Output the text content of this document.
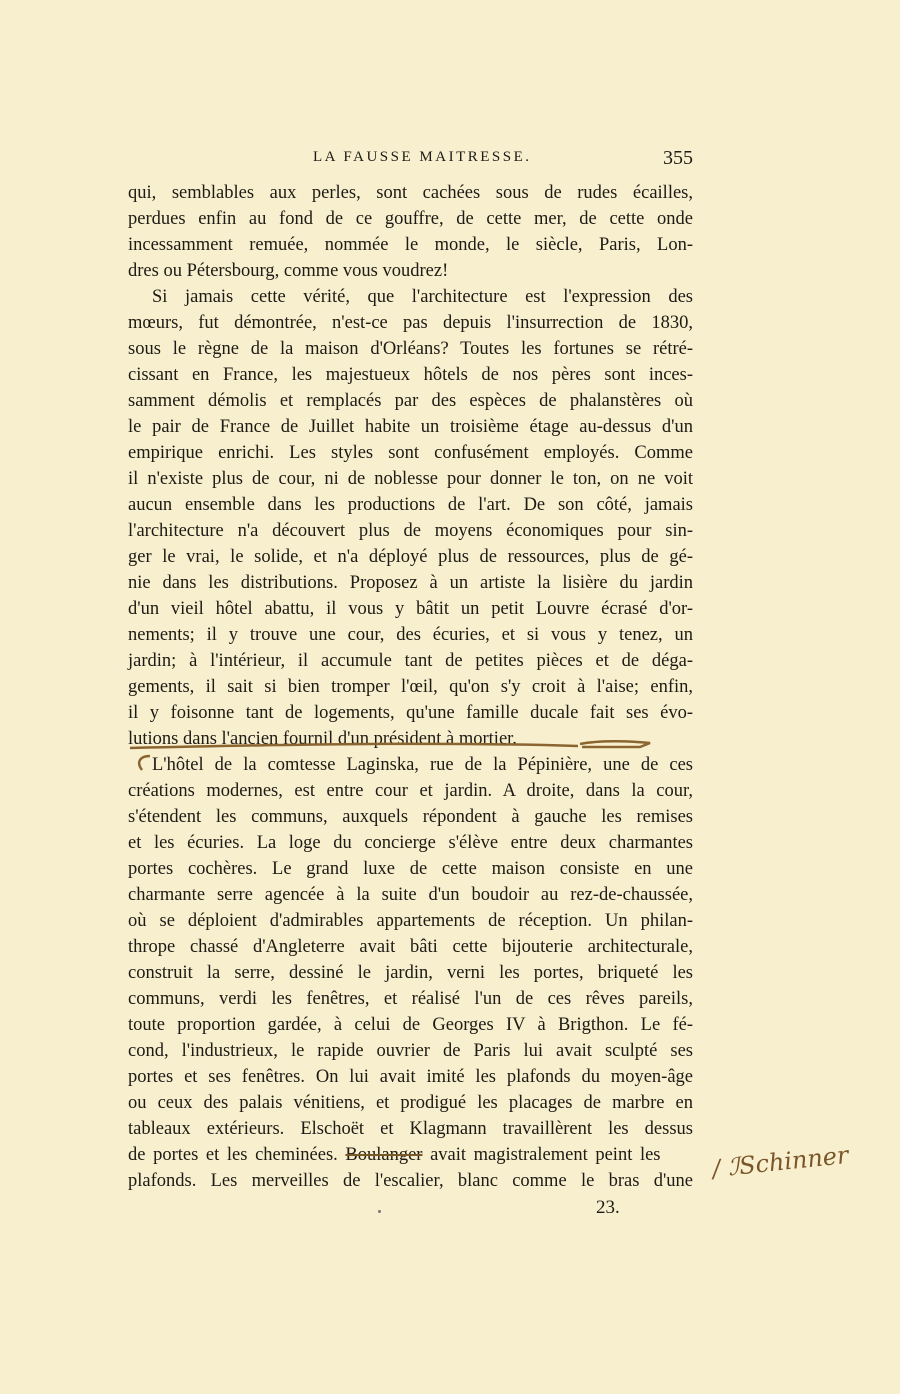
LA FAUSSE MAITRESSE.	355
qui, semblables aux perles, sont cachées sous de rudes écailles,
perdues enfin au fond de ce gouffre, de cette mer, de cette onde
incessamment remuée, nommée le monde, le siècle, Paris, Lon-
dres ou Pétersbourg, comme vous voudrez!
Si jamais cette vérité, que l'architecture est l'expression des
mœurs, fut démontrée, n'est-ce pas depuis l'insurrection de 1830,
sous le règne de la maison d'Orléans? Toutes les fortunes se rétré-
cissant en France, les majestueux hôtels de nos pères sont inces-
samment démolis et remplacés par des espèces de phalanstères où
le pair de France de Juillet habite un troisième étage au-dessus d'un
empirique enrichi. Les styles sont confusément employés. Comme
il n'existe plus de cour, ni de noblesse pour donner le ton, on ne voit
aucun ensemble dans les productions de l'art. De son côté, jamais
l'architecture n'a découvert plus de moyens économiques pour sin-
ger le vrai, le solide, et n'a déployé plus de ressources, plus de gé-
nie dans les distributions. Proposez à un artiste la lisière du jardin
d'un vieil hôtel abattu, il vous y bâtit un petit Louvre écrasé d'or-
nements; il y trouve une cour, des écuries, et si vous y tenez, un
jardin; à l'intérieur, il accumule tant de petites pièces et de déga-
gements, il sait si bien tromper l'œil, qu'on s'y croit à l'aise; enfin,
il y foisonne tant de logements, qu'une famille ducale fait ses évo-
lutions dans l'ancien fournil d'un président à mortier.
L'hôtel de la comtesse Laginska, rue de la Pépinière, une de ces
créations modernes, est entre cour et jardin. A droite, dans la cour,
s'étendent les communs, auxquels répondent à gauche les remises
et les écuries. La loge du concierge s'élève entre deux charmantes
portes cochères. Le grand luxe de cette maison consiste en une
charmante serre agencée à la suite d'un boudoir au rez-de-chaussée,
où se déploient d'admirables appartements de réception. Un philan-
thrope chassé d'Angleterre avait bâti cette bijouterie architecturale,
construit la serre, dessiné le jardin, verni les portes, briqueté les
communs, verdi les fenêtres, et réalisé l'un de ces rêves pareils,
toute proportion gardée, à celui de Georges IV à Brigthon. Le fé-
cond, l'industrieux, le rapide ouvrier de Paris lui avait sculpté ses
portes et ses fenêtres. On lui avait imité les plafonds du moyen-âge
ou ceux des palais vénitiens, et prodigué les placages de marbre en
tableaux extérieurs. Elschoët et Klagmann travaillèrent les dessus
de portes et les cheminées. Boulanger avait magistralement peint les
plafonds. Les merveilles de l'escalier, blanc comme le bras d'une
23.
/ ℐSchinner
